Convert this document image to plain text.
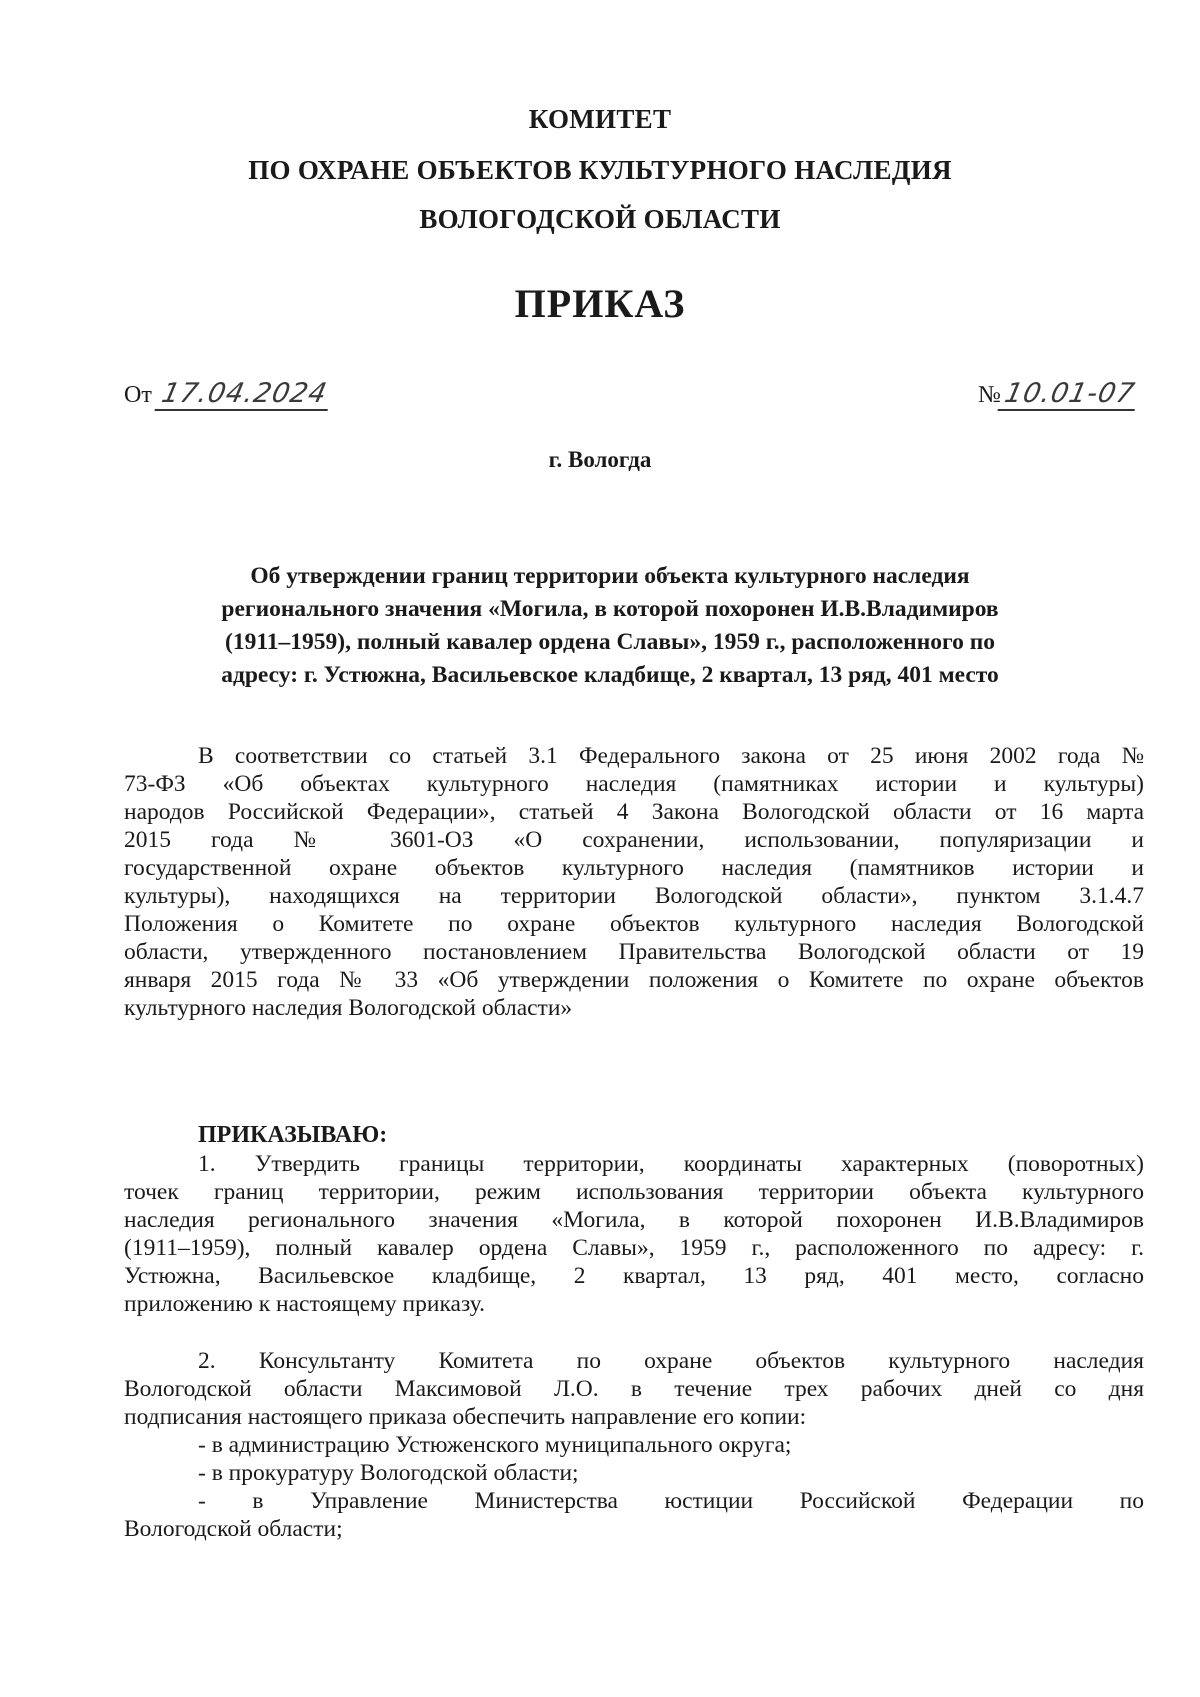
КОМИТЕТ
ПО ОХРАНЕ ОБЪЕКТОВ КУЛЬТУРНОГО НАСЛЕДИЯ
ВОЛОГОДСКОЙ ОБЛАСТИ
ПРИКАЗ
От 17.04.2024	№10.01-07
г. Вологда
Об утверждении границ территории объекта культурного наследия
регионального значения «Могила, в которой похоронен И.В.Владимиров
(1911–1959), полный кавалер ордена Славы», 1959 г., расположенного по
адресу: г. Устюжна, Васильевское кладбище, 2 квартал, 13 ряд, 401 место
В соответствии со статьей 3.1 Федерального закона от 25 июня 2002 года №
73-ФЗ «Об объектах культурного наследия (памятниках истории и культуры)
народов Российской Федерации», статьей 4 Закона Вологодской области от 16 марта
2015 года № 3601-ОЗ «О сохранении, использовании, популяризации и
государственной охране объектов культурного наследия (памятников истории и
культуры), находящихся на территории Вологодской области», пунктом 3.1.4.7
Положения о Комитете по охране объектов культурного наследия Вологодской
области, утвержденного постановлением Правительства Вологодской области от 19
января 2015 года № 33 «Об утверждении положения о Комитете по охране объектов
культурного наследия Вологодской области»
ПРИКАЗЫВАЮ:
1. Утвердить границы территории, координаты характерных (поворотных)
точек границ территории, режим использования территории объекта культурного
наследия регионального значения «Могила, в которой похоронен И.В.Владимиров
(1911–1959), полный кавалер ордена Славы», 1959 г., расположенного по адресу: г.
Устюжна, Васильевское кладбище, 2 квартал, 13 ряд, 401 место, согласно
приложению к настоящему приказу.
2. Консультанту Комитета по охране объектов культурного наследия
Вологодской области Максимовой Л.О. в течение трех рабочих дней со дня
подписания настоящего приказа обеспечить направление его копии:
- в администрацию Устюженского муниципального округа;
- в прокуратуру Вологодской области;
- в Управление Министерства юстиции Российской Федерации по
Вологодской области;
